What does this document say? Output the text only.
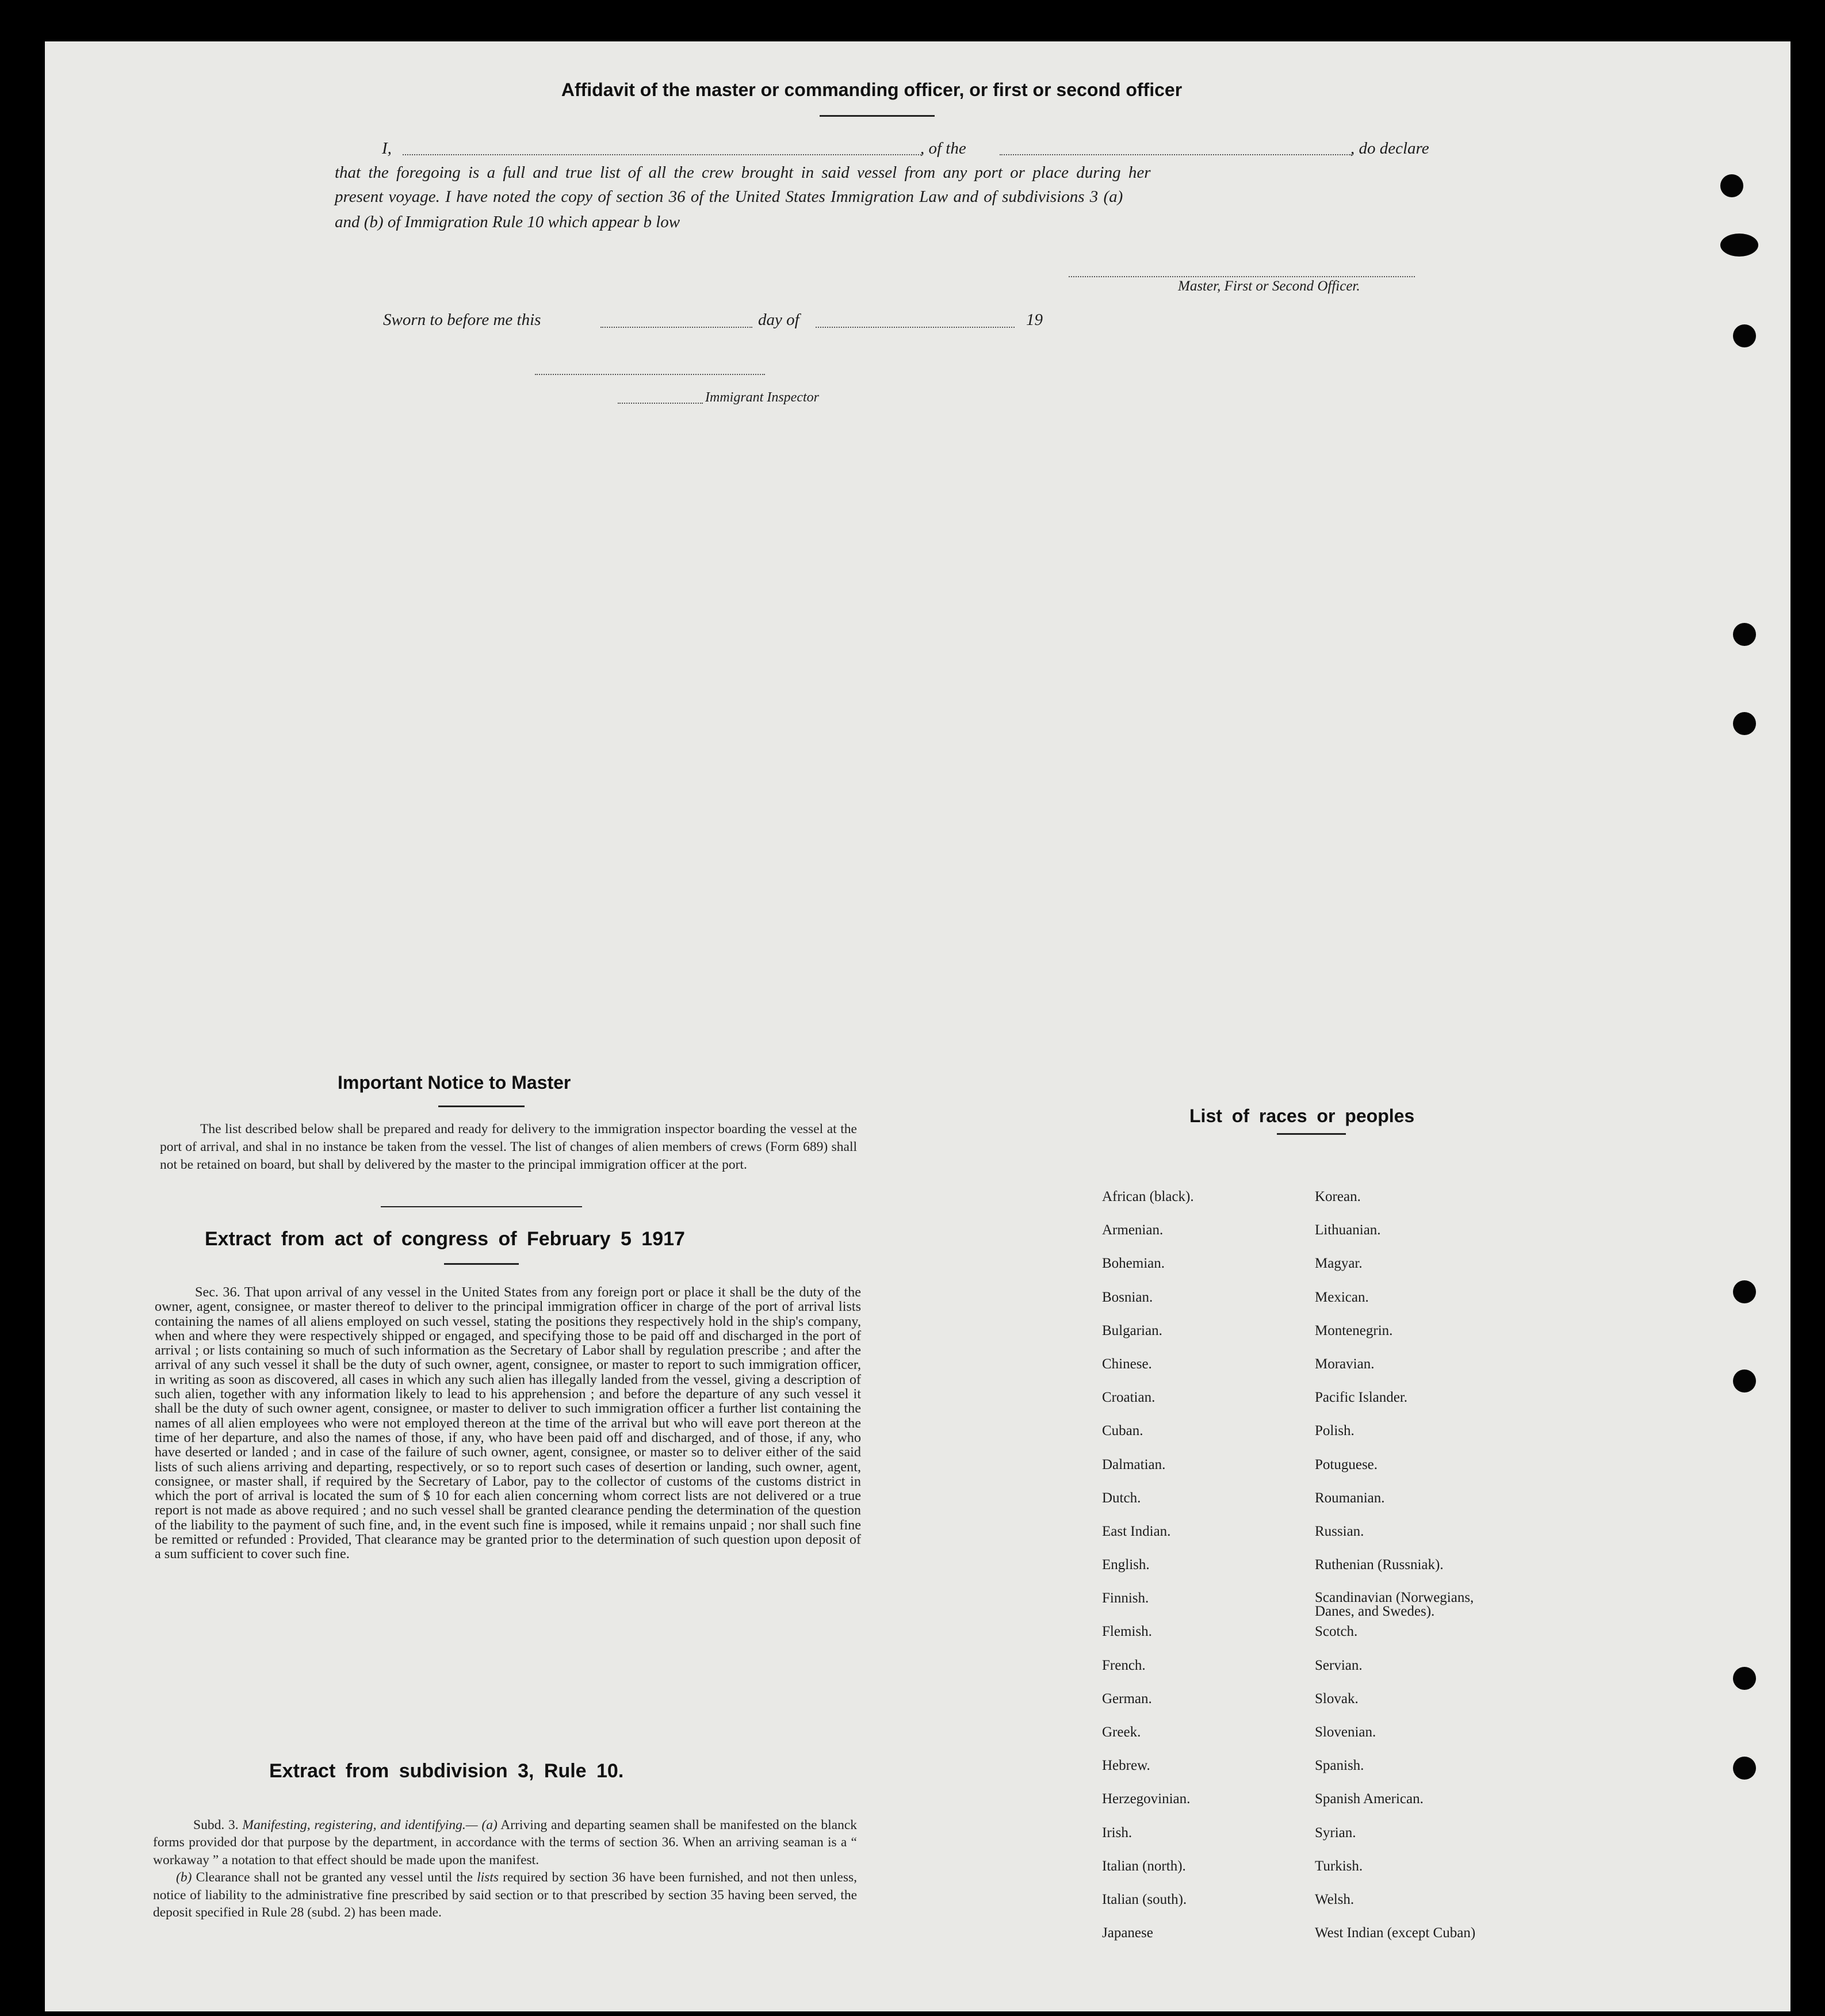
Affidavit of the master or commanding officer, or first or second officer
I,	, of the	, do declare
that the foregoing is a full and true list of all the crew brought in said vessel from any port or place during her
present voyage. I have noted the copy of section 36 of the United States Immigration Law and of subdivisions 3 (a)
and (b) of Immigration Rule 10 which appear b low
Master, First or Second Officer.
Sworn to before me this	day of	19
Immigrant Inspector
Important Notice to Master
The list described below shall be prepared and ready for delivery to the immigration inspector boarding the vessel at the port of arrival, and shal in no instance be taken from the vessel. The list of changes of alien members of crews (Form 689) shall not be retained on board, but shall by delivered by the master to the principal immigration officer at the port.
Extract from act of congress of February 5 1917
Sec. 36. That upon arrival of any vessel in the United States from any foreign port or place it shall be the duty of the owner, agent, consignee, or master thereof to deliver to the principal immigration officer in charge of the port of arrival lists containing the names of all aliens employed on such vessel, stating the positions they respectively hold in the ship's company, when and where they were respectively shipped or engaged, and specifying those to be paid off and discharged in the port of arrival ; or lists containing so much of such information as the Secretary of Labor shall by regulation prescribe ; and after the arrival of any such vessel it shall be the duty of such owner, agent, consignee, or master to report to such immigration officer, in writing as soon as discovered, all cases in which any such alien has illegally landed from the vessel, giving a description of such alien, together with any information likely to lead to his apprehension ; and before the departure of any such vessel it shall be the duty of such owner agent, consignee, or master to deliver to such immigration officer a further list containing the names of all alien employees who were not employed thereon at the time of the arrival but who will eave port thereon at the time of her departure, and also the names of those, if any, who have been paid off and discharged, and of those, if any, who have deserted or landed ; and in case of the failure of such owner, agent, consignee, or master so to deliver either of the said lists of such aliens arriving and departing, respectively, or so to report such cases of desertion or landing, such owner, agent, consignee, or master shall, if required by the Secretary of Labor, pay to the collector of customs of the customs district in which the port of arrival is located the sum of $ 10 for each alien concerning whom correct lists are not delivered or a true report is not made as above required ; and no such vessel shall be granted clearance pending the determination of the question of the liability to the payment of such fine, and, in the event such fine is imposed, while it remains unpaid ; nor shall such fine be remitted or refunded : Provided, That clearance may be granted prior to the determination of such question upon deposit of a sum sufficient to cover such fine.
Extract from subdivision 3, Rule 10.

Subd. 3. Manifesting, registering, and identifying.— (a) Arriving and departing seamen shall be manifested on the blanck forms provided dor that purpose by the department, in accordance with the terms of section 36. When an arriving seaman is a “ workaway ” a notation to that effect should be made upon the manifest.

(b) Clearance shall not be granted any vessel until the lists required by section 36 have been furnished, and not then unless, notice of liability to the administrative fine prescribed by said section or to that prescribed by section 35 having been served, the deposit specified in Rule 28 (subd. 2) has been made.

List of races or peoples
African (black).	Korean.
Armenian.	Lithuanian.
Bohemian.	Magyar.
Bosnian.	Mexican.
Bulgarian.	Montenegrin.
Chinese.	Moravian.
Croatian.	Pacific Islander.
Cuban.	Polish.
Dalmatian.	Potuguese.
Dutch.	Roumanian.
East Indian.	Russian.
English.	Ruthenian (Russniak).
Finnish.	Scandinavian (Norwegians, Danes, and Swedes).
Flemish.	Scotch.
French.	Servian.
German.	Slovak.
Greek.	Slovenian.
Hebrew.	Spanish.
Herzegovinian.	Spanish American.
Irish.	Syrian.
Italian (north).	Turkish.
Italian (south).	Welsh.
Japanese	West Indian (except Cuban)
